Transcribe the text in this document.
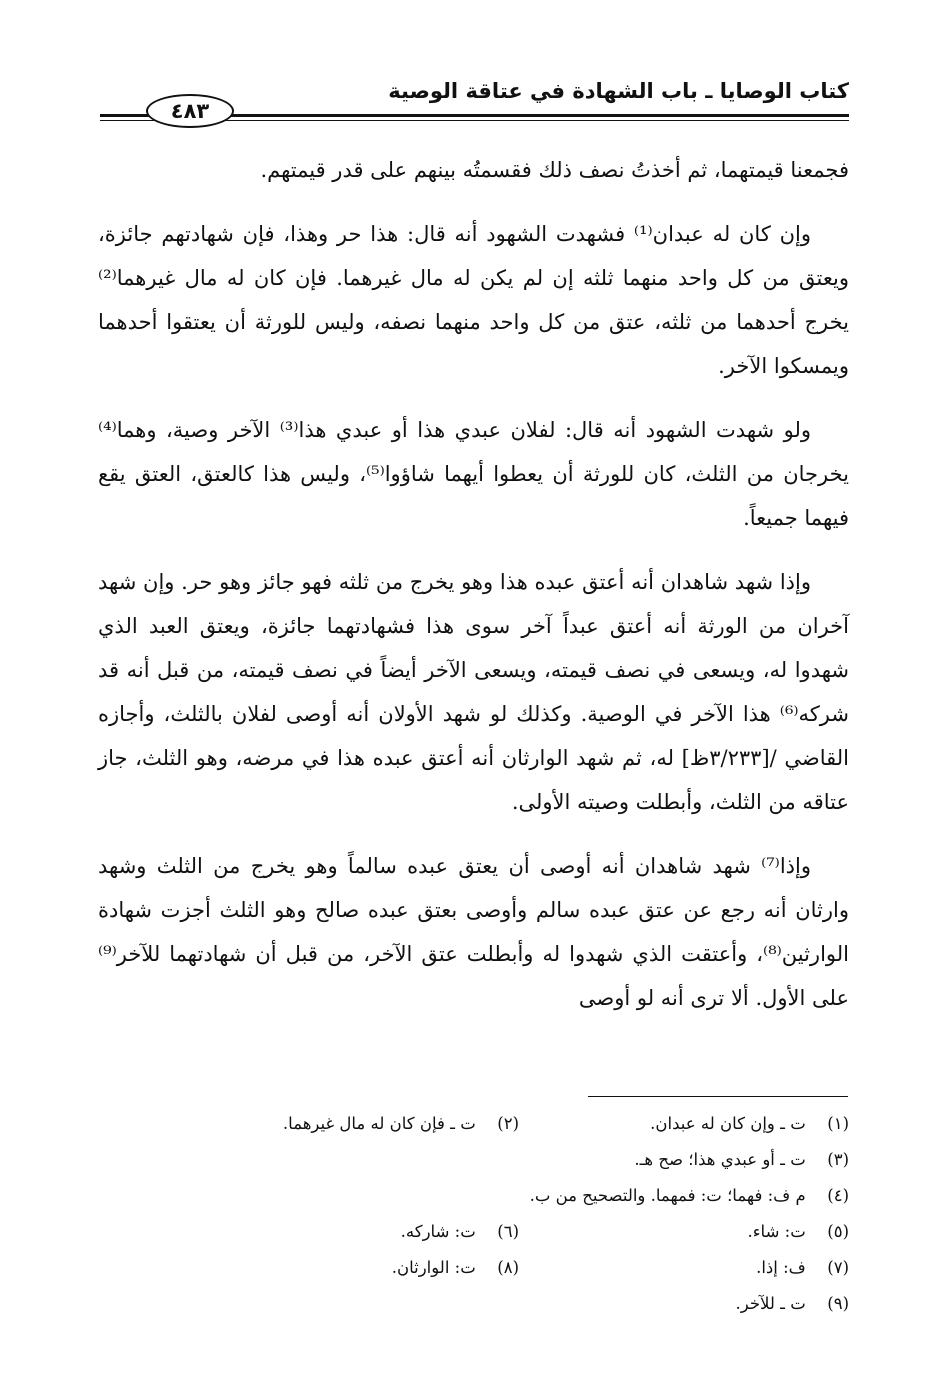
كتاب الوصايا ـ باب الشهادة في عتاقة الوصية
٤٨٣

فجمعنا قيمتهما، ثم أخذتُ نصف ذلك فقسمتُه بينهم على قدر قيمتهم.

وإن كان له عبدان⁽¹⁾ فشهدت الشهود أنه قال: هذا حر وهذا، فإن شهادتهم جائزة، ويعتق من كل واحد منهما ثلثه إن لم يكن له مال غيرهما. فإن كان له مال غيرهما⁽²⁾ يخرج أحدهما من ثلثه، عتق من كل واحد منهما نصفه، وليس للورثة أن يعتقوا أحدهما ويمسكوا الآخر.

ولو شهدت الشهود أنه قال: لفلان عبدي هذا أو عبدي هذا⁽³⁾ الآخر وصية، وهما⁽⁴⁾ يخرجان من الثلث، كان للورثة أن يعطوا أيهما شاؤوا⁽⁵⁾، وليس هذا كالعتق، العتق يقع فيهما جميعاً.

وإذا شهد شاهدان أنه أعتق عبده هذا وهو يخرج من ثلثه فهو جائز وهو حر. وإن شهد آخران من الورثة أنه أعتق عبداً آخر سوى هذا فشهادتهما جائزة، ويعتق العبد الذي شهدوا له، ويسعى في نصف قيمته، ويسعى الآخر أيضاً في نصف قيمته، من قبل أنه قد شركه⁽⁶⁾ هذا الآخر في الوصية. وكذلك لو شهد الأولان أنه أوصى لفلان بالثلث، وأجازه القاضي /[٣/٢٣٣ظ] له، ثم شهد الوارثان أنه أعتق عبده هذا في مرضه، وهو الثلث، جاز عتاقه من الثلث، وأبطلت وصيته الأولى.

وإذا⁽⁷⁾ شهد شاهدان أنه أوصى أن يعتق عبده سالماً وهو يخرج من الثلث وشهد وارثان أنه رجع عن عتق عبده سالم وأوصى بعتق عبده صالح وهو الثلث أجزت شهادة الوارثين⁽⁸⁾، وأعتقت الذي شهدوا له وأبطلت عتق الآخر، من قبل أن شهادتهما للآخر⁽⁹⁾ على الأول. ألا ترى أنه لو أوصى

(١) ت ـ وإن كان له عبدان.
(٢) ت ـ فإن كان له مال غيرهما.
(٣) ت ـ أو عبدي هذا؛ صح هـ.
(٤) م ف: فهما؛ ت: فمهما. والتصحيح من ب.
(٥) ت: شاء.
(٦) ت: شاركه.
(٧) ف: إذا.
(٨) ت: الوارثان.
(٩) ت ـ للآخر.
